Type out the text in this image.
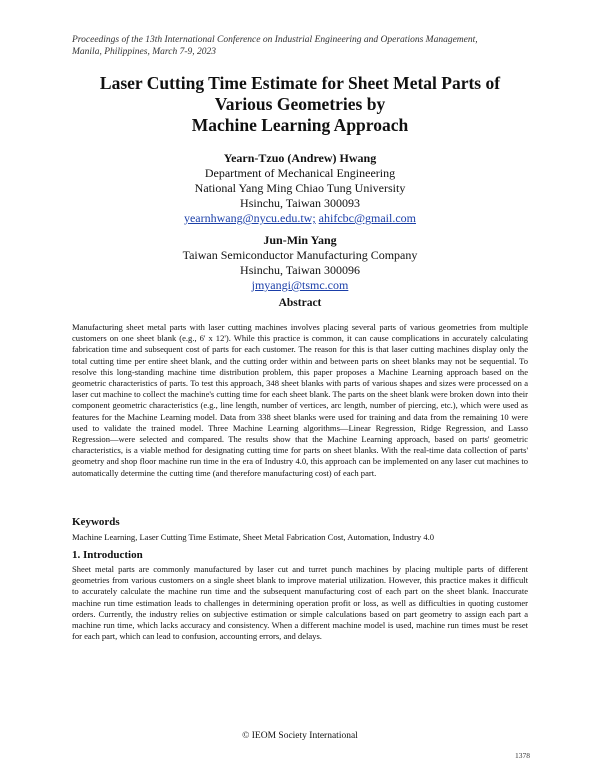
Proceedings of the 13th International Conference on Industrial Engineering and Operations Management,
Manila, Philippines, March 7-9, 2023
Laser Cutting Time Estimate for Sheet Metal Parts of
Various Geometries by
Machine Learning Approach
Yearn-Tzuo (Andrew) Hwang
Department of Mechanical Engineering
National Yang Ming Chiao Tung University
Hsinchu, Taiwan 300093
yearnhwang@nycu.edu.tw; ahifcbc@gmail.com
Jun-Min Yang
Taiwan Semiconductor Manufacturing Company
Hsinchu, Taiwan 300096
jmyangi@tsmc.com
Abstract
Manufacturing sheet metal parts with laser cutting machines involves placing several parts of various geometries from multiple customers on one sheet blank (e.g., 6' x 12'). While this practice is common, it can cause complications in accurately calculating fabrication time and subsequent cost of parts for each customer. The reason for this is that laser cutting machines display only the total cutting time per entire sheet blank, and the cutting order within and between parts on sheet blanks may not be sequential. To resolve this long-standing machine time distribution problem, this paper proposes a Machine Learning approach based on the geometric characteristics of parts. To test this approach, 348 sheet blanks with parts of various shapes and sizes were processed on a laser cut machine to collect the machine's cutting time for each sheet blank. The parts on the sheet blank were broken down into their component geometric characteristics (e.g., line length, number of vertices, arc length, number of piercing, etc.), which were used as features for the Machine Learning model. Data from 338 sheet blanks were used for training and data from the remaining 10 were used to validate the trained model. Three Machine Learning algorithms—Linear Regression, Ridge Regression, and Lasso Regression—were selected and compared. The results show that the Machine Learning approach, based on parts' geometric characteristics, is a viable method for designating cutting time for parts on sheet blanks. With the real-time data collection of parts' geometry and shop floor machine run time in the era of Industry 4.0, this approach can be implemented on any laser cut machines to automatically determine the cutting time (and therefore manufacturing cost) of each part.
Keywords
Machine Learning, Laser Cutting Time Estimate, Sheet Metal Fabrication Cost, Automation, Industry 4.0
1. Introduction
Sheet metal parts are commonly manufactured by laser cut and turret punch machines by placing multiple parts of different geometries from various customers on a single sheet blank to improve material utilization. However, this practice makes it difficult to accurately calculate the machine run time and the subsequent manufacturing cost of each part on the sheet blank. Inaccurate machine run time estimation leads to challenges in determining operation profit or loss, as well as difficulties in quoting customer orders. Currently, the industry relies on subjective estimation or simple calculations based on part geometry to assign each part a machine run time, which lacks accuracy and consistency. When a different machine model is used, machine run times must be reset for each part, which can lead to confusion, accounting errors, and delays.
© IEOM Society International
1378
